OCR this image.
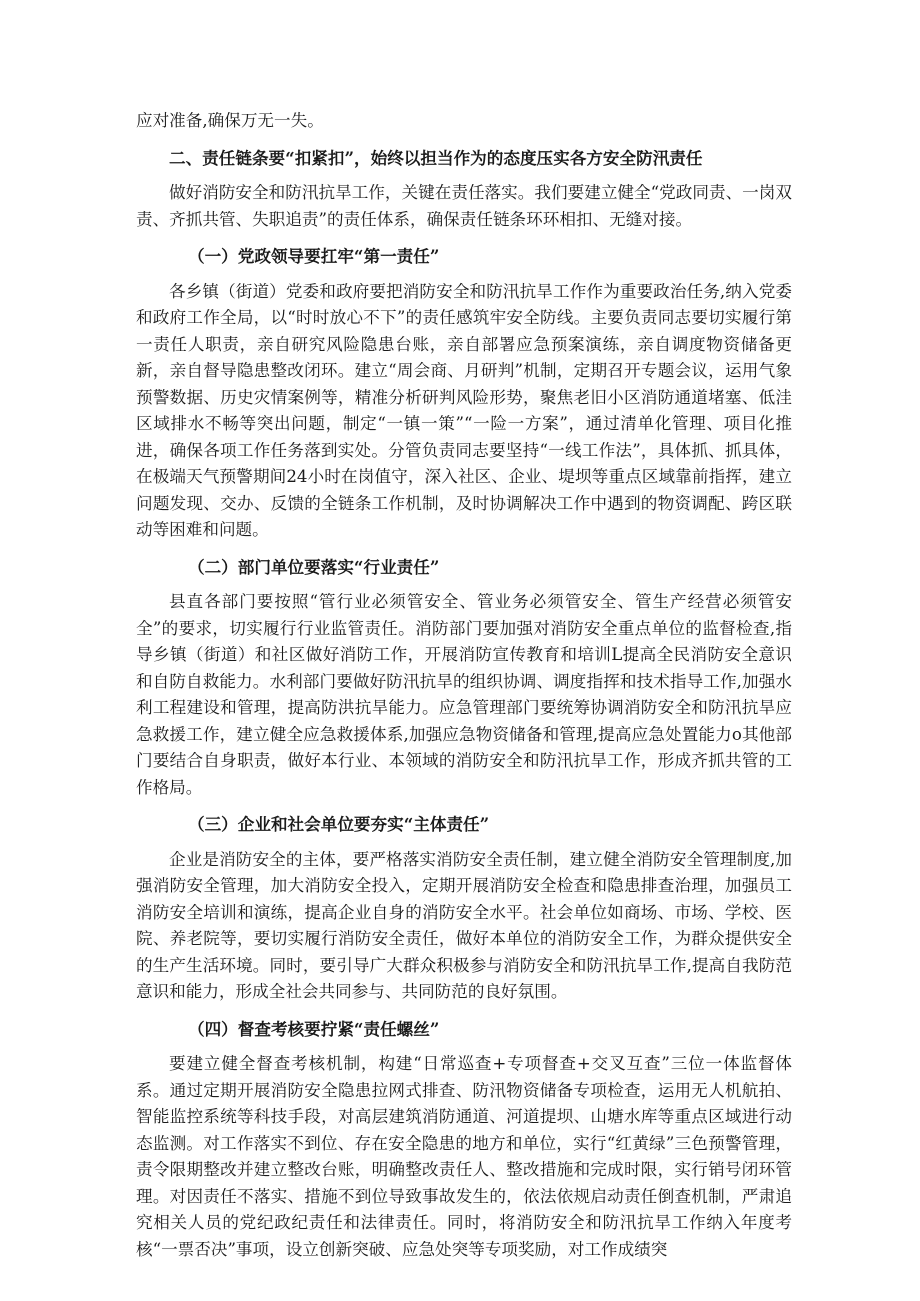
应对准备,确保万无一失。

二、责任链条要“扣紧扣”，始终以担当作为的态度压实各方安全防汛责任

做好消防安全和防汛抗旱工作，关键在责任落实。我们要建立健全“党政同责、一岗双责、齐抓共管、失职追责”的责任体系，确保责任链条环环相扣、无缝对接。

（一）党政领导要扛牢“第一责任”

各乡镇（街道）党委和政府要把消防安全和防汛抗旱工作作为重要政治任务,纳入党委和政府工作全局，以“时时放心不下”的责任感筑牢安全防线。主要负责同志要切实履行第一责任人职责，亲自研究风险隐患台账，亲自部署应急预案演练，亲自调度物资储备更新，亲自督导隐患整改闭环。建立“周会商、月研判”机制，定期召开专题会议，运用气象预警数据、历史灾情案例等，精准分析研判风险形势，聚焦老旧小区消防通道堵塞、低洼区域排水不畅等突出问题，制定“一镇一策”“一险一方案”，通过清单化管理、项目化推进，确保各项工作任务落到实处。分管负责同志要坚持“一线工作法”，具体抓、抓具体，在极端天气预警期间24小时在岗值守，深入社区、企业、堤坝等重点区域靠前指挥，建立问题发现、交办、反馈的全链条工作机制，及时协调解决工作中遇到的物资调配、跨区联动等困难和问题。

（二）部门单位要落实“行业责任”

县直各部门要按照“管行业必须管安全、管业务必须管安全、管生产经营必须管安全”的要求，切实履行行业监管责任。消防部门要加强对消防安全重点单位的监督检查,指导乡镇（街道）和社区做好消防工作，开展消防宣传教育和培训L提高全民消防安全意识和自防自救能力。水利部门要做好防汛抗旱的组织协调、调度指挥和技术指导工作,加强水利工程建设和管理，提高防洪抗旱能力。应急管理部门要统筹协调消防安全和防汛抗旱应急救援工作，建立健全应急救援体系,加强应急物资储备和管理,提高应急处置能力o其他部门要结合自身职责，做好本行业、本领域的消防安全和防汛抗旱工作，形成齐抓共管的工作格局。

（三）企业和社会单位要夯实“主体责任”

企业是消防安全的主体，要严格落实消防安全责任制，建立健全消防安全管理制度,加强消防安全管理，加大消防安全投入，定期开展消防安全检查和隐患排查治理，加强员工消防安全培训和演练，提高企业自身的消防安全水平。社会单位如商场、市场、学校、医院、养老院等，要切实履行消防安全责任，做好本单位的消防安全工作，为群众提供安全的生产生活环境。同时，要引导广大群众积极参与消防安全和防汛抗旱工作,提高自我防范意识和能力，形成全社会共同参与、共同防范的良好氛围。

（四）督查考核要拧紧“责任螺丝”

要建立健全督查考核机制，构建“日常巡查+专项督查+交叉互查”三位一体监督体系。通过定期开展消防安全隐患拉网式排查、防汛物资储备专项检查，运用无人机航拍、智能监控系统等科技手段，对高层建筑消防通道、河道提坝、山塘水库等重点区域进行动态监测。对工作落实不到位、存在安全隐患的地方和单位，实行“红黄绿”三色预警管理，责令限期整改并建立整改台账，明确整改责任人、整改措施和完成时限，实行销号闭环管理。对因责任不落实、措施不到位导致事故发生的，依法依规启动责任倒查机制，严肃追究相关人员的党纪政纪责任和法律责任。同时，将消防安全和防汛抗旱工作纳入年度考核“一票否决”事项，设立创新突破、应急处突等专项奖励，对工作成绩突
